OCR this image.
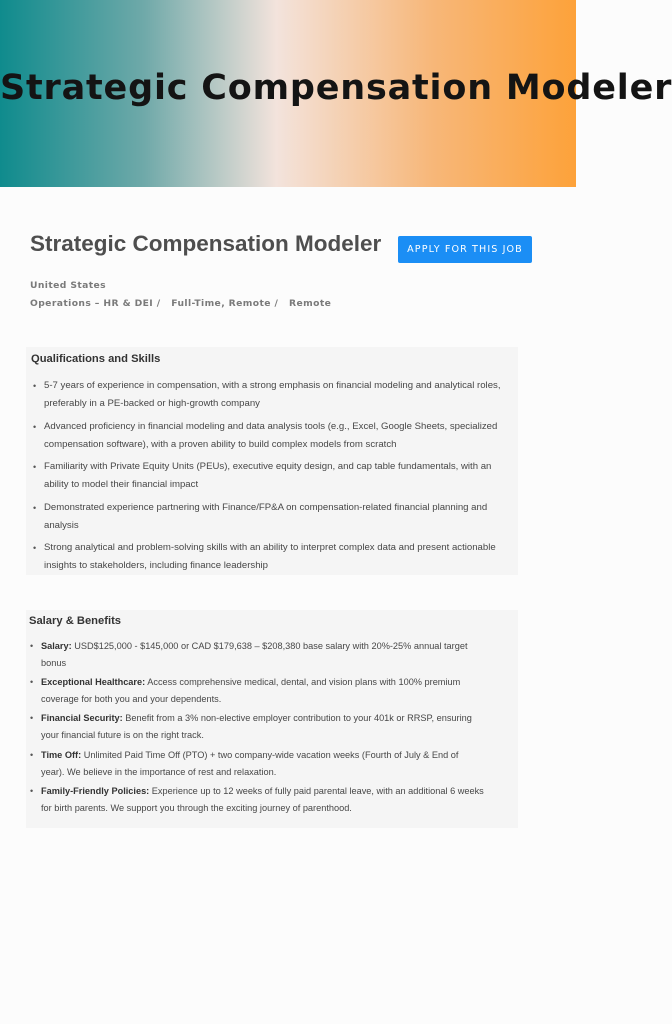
Strategic Compensation Modeler
Strategic Compensation Modeler	APPLY FOR THIS JOB
United States
Operations – HR & DEI / Full-Time, Remote / Remote
Qualifications and Skills
• 5-7 years of experience in compensation, with a strong emphasis on financial modeling and analytical roles, preferably in a PE-backed or high-growth company
• Advanced proficiency in financial modeling and data analysis tools (e.g., Excel, Google Sheets, specialized compensation software), with a proven ability to build complex models from scratch
• Familiarity with Private Equity Units (PEUs), executive equity design, and cap table fundamentals, with an ability to model their financial impact
• Demonstrated experience partnering with Finance/FP&A on compensation-related financial planning and analysis
• Strong analytical and problem-solving skills with an ability to interpret complex data and present actionable insights to stakeholders, including finance leadership
Salary & Benefits
• Salary: USD$125,000 - $145,000 or CAD $179,638 – $208,380 base salary with 20%-25% annual target bonus
• Exceptional Healthcare: Access comprehensive medical, dental, and vision plans with 100% premium coverage for both you and your dependents.
• Financial Security: Benefit from a 3% non-elective employer contribution to your 401k or RRSP, ensuring your financial future is on the right track.
• Time Off: Unlimited Paid Time Off (PTO) + two company-wide vacation weeks (Fourth of July & End of year). We believe in the importance of rest and relaxation.
• Family-Friendly Policies: Experience up to 12 weeks of fully paid parental leave, with an additional 6 weeks for birth parents. We support you through the exciting journey of parenthood.
